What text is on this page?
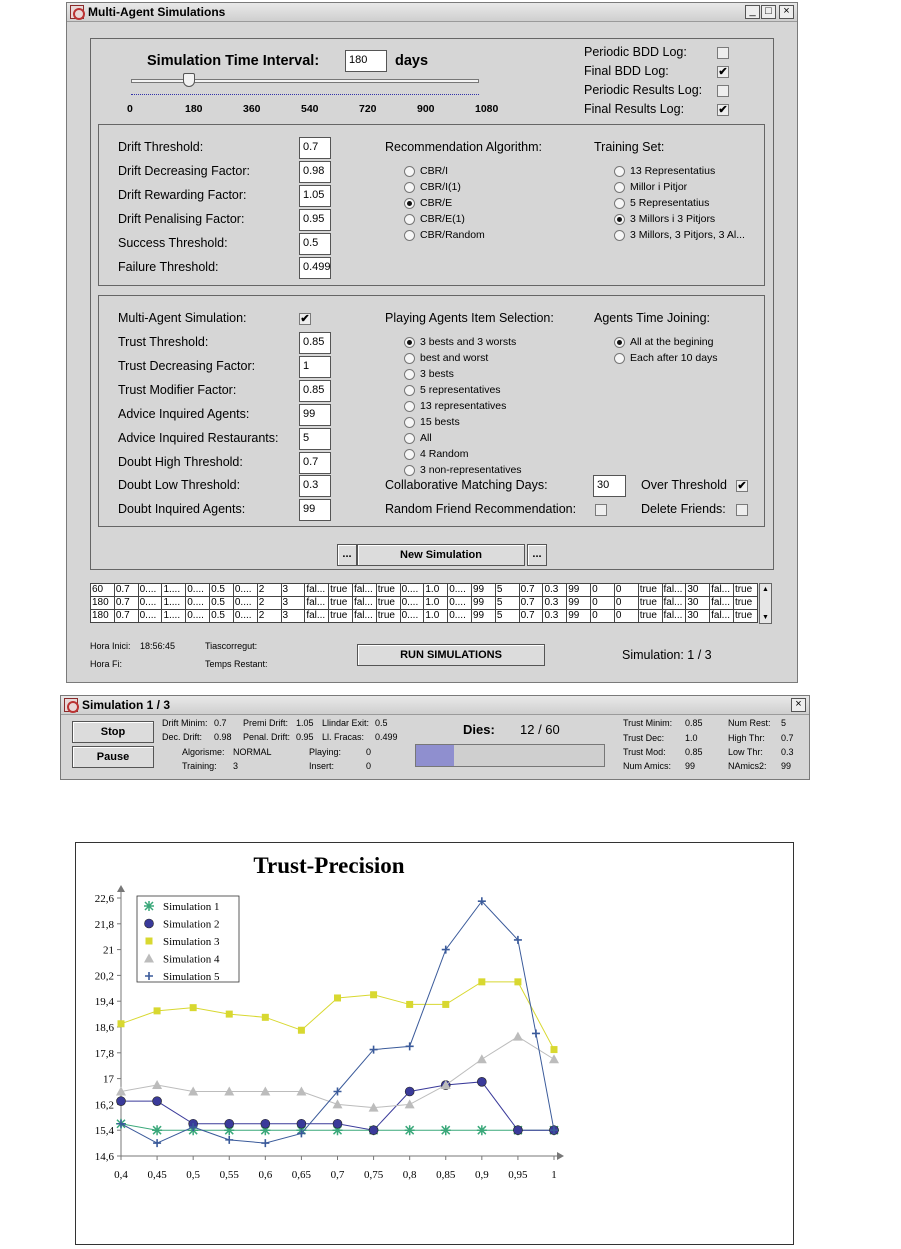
Multi-Agent Simulations	_ □	×
Simulation Time Interval:	180	days
0	180	360	540	720	900	1080
Periodic BDD Log:
Final BDD Log:	✔
Periodic Results Log:
Final Results Log:	✔
Drift Threshold:	0.7
Drift Decreasing Factor:	0.98
Drift Rewarding Factor:	1.05
Drift Penalising Factor:	0.95
Success Threshold:	0.5
Failure Threshold:	0.499
Recommendation Algorithm:
CBR/I
CBR/I(1)
CBR/E
CBR/E(1)
CBR/Random
Training Set:
13 Representatius
Millor i Pitjor
5 Representatius
3 Millors i 3 Pitjors
3 Millors, 3 Pitjors, 3 Al...
Multi-Agent Simulation:	✔
Trust Threshold:	0.85
Trust Decreasing Factor:	1
Trust Modifier Factor:	0.85
Advice Inquired Agents:	99
Advice Inquired Restaurants:	5
Doubt High Threshold:	0.7
Doubt Low Threshold:	0.3
Doubt Inquired Agents:	99
Playing Agents Item Selection:
3 bests and 3 worsts
best and worst
3 bests
5 representatives
13 representatives
15 bests
All
4 Random
3 non-representatives
Agents Time Joining:
All at the begining
Each after 10 days
Collaborative Matching Days:	30	Over Threshold ✔
Random Friend Recommendation:	Delete Friends:
...	New Simulation	...
60	0.7	0....	1....	0....	0.5	0....	2	3	fal...	true	fal...	true	0....	1.0	0....	99	5	0.7	0.3	99	0	0	true	fal...	30	fal...	true
180	0.7	0....	1....	0....	0.5	0....	2	3	fal...	true	fal...	true	0....	1.0	0....	99	5	0.7	0.3	99	0	0	true	fal...	30	fal...	true
180	0.7	0....	1....	0....	0.5	0....	2	3	fal...	true	fal...	true	0....	1.0	0....	99	5	0.7	0.3	99	0	0	true	fal...	30	fal...	true
▲
▼
Hora Inici: 18:56:45
Hora Fi:
Tiascorregut:
Temps Restant:
RUN SIMULATIONS	Simulation: 1 / 3
Simulation 1 / 3	×
Stop
Pause
Drift Minim: 0.7 Premi Drift: 1.05 Llindar Exit: 0.5
Dec. Drift: 0.98 Penal. Drift: 0.95 Ll. Fracas: 0.499
Algorisme: NORMAL
Training: 3
Playing:	0
Insert:	0
Dies: 12 / 60	Trust Minim: 0.85	Num Rest: 5
Trust Dec: 1.0	High Thr: 0.7
Trust Mod: 0.85	Low Thr: 0.3
Num Amics: 99	NAmics2: 99
Trust-Precision
0,4 0,45 0,5 0,55 0,6 0,65 0,7 0,75 0,8 0,85 0,9 0,95 1
14,6
15,4
16,2
17
17,8
18,6
19,4
20,2
21
21,8
22,6
Simulation 1
Simulation 2
Simulation 3
Simulation 4
Simulation 5
